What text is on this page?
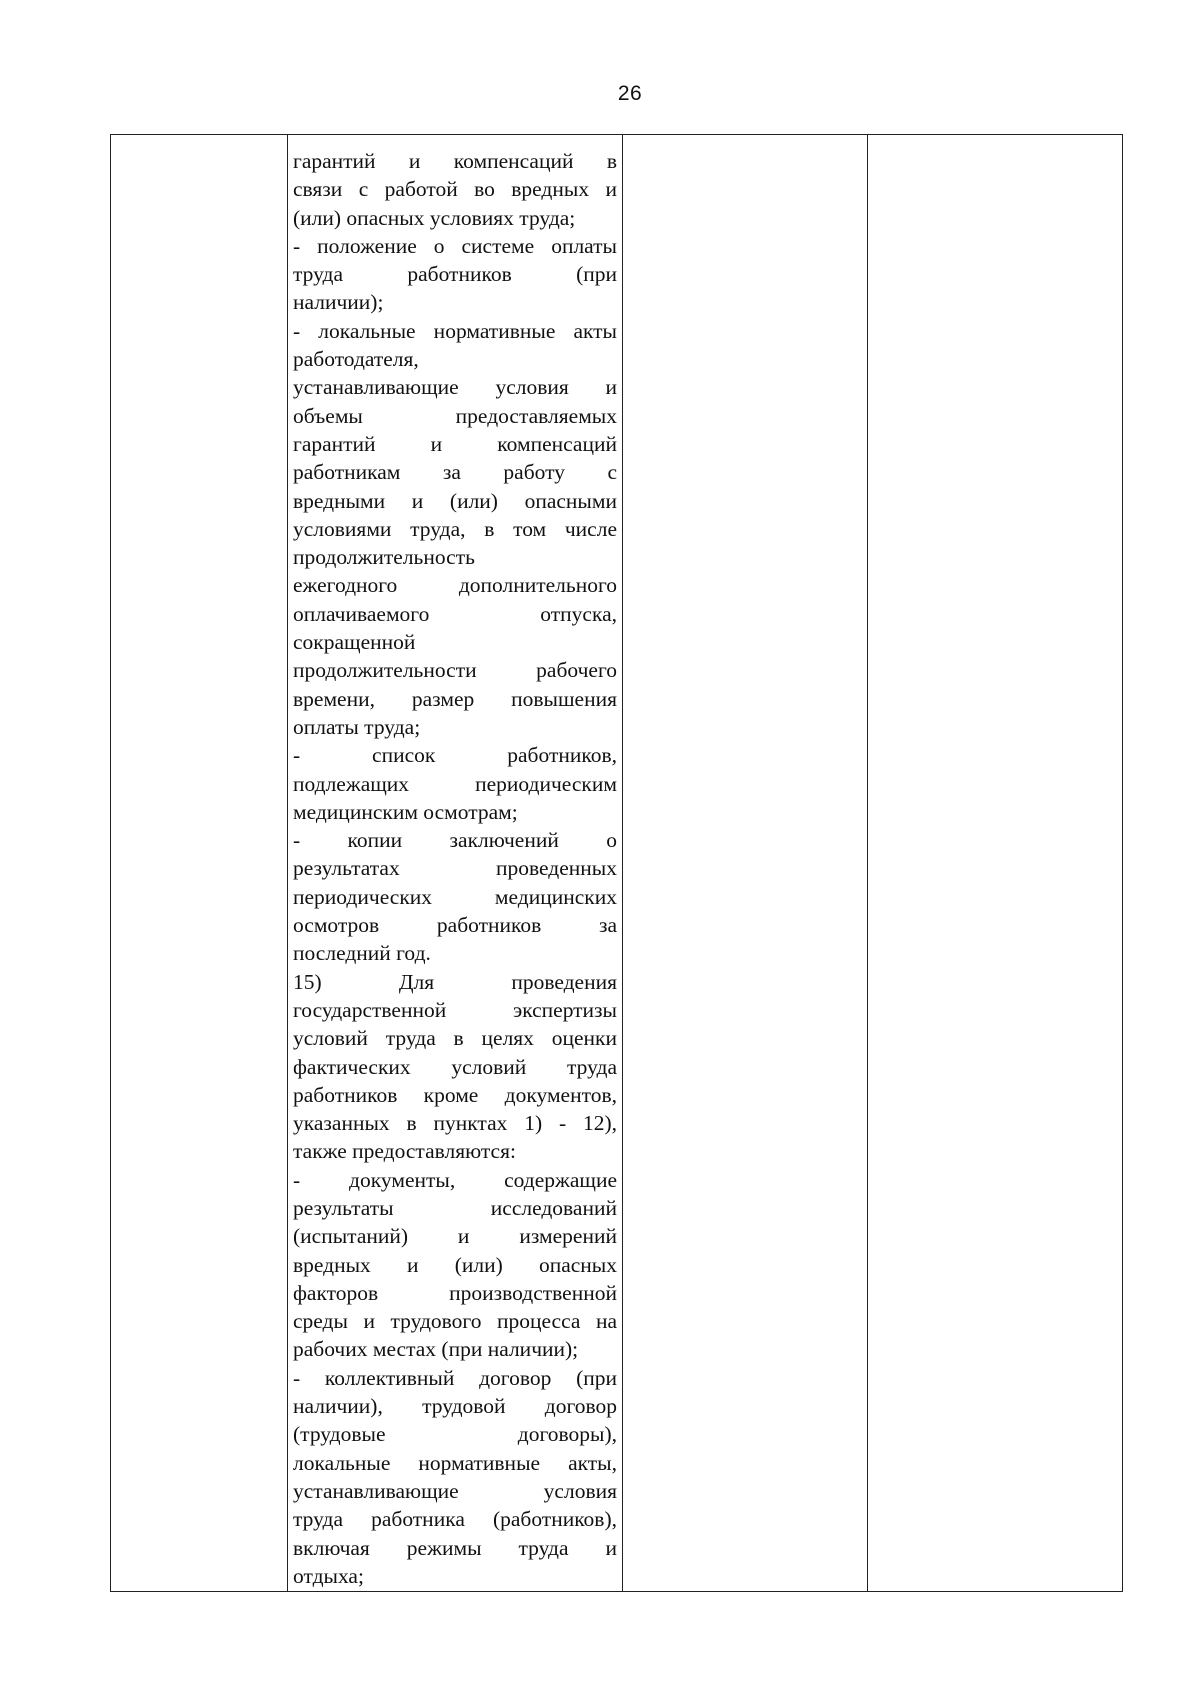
26

гарантий и компенсаций в
связи с работой во вредных и
(или) опасных условиях труда;
- положение о системе оплаты
труда работников (при
наличии);
- локальные нормативные акты
работодателя,
устанавливающие условия и
объемы предоставляемых
гарантий и компенсаций
работникам за работу с
вредными и (или) опасными
условиями труда, в том числе
продолжительность
ежегодного дополнительного
оплачиваемого отпуска,
сокращенной
продолжительности рабочего
времени, размер повышения
оплаты труда;
- список работников,
подлежащих периодическим
медицинским осмотрам;
- копии заключений о
результатах проведенных
периодических медицинских
осмотров работников за
последний год.
15) Для проведения
государственной экспертизы
условий труда в целях оценки
фактических условий труда
работников кроме документов,
указанных в пунктах 1) - 12),
также предоставляются:
- документы, содержащие
результаты исследований
(испытаний) и измерений
вредных и (или) опасных
факторов производственной
среды и трудового процесса на
рабочих местах (при наличии);
- коллективный договор (при
наличии), трудовой договор
(трудовые договоры),
локальные нормативные акты,
устанавливающие условия
труда работника (работников),
включая режимы труда и
отдыха;
